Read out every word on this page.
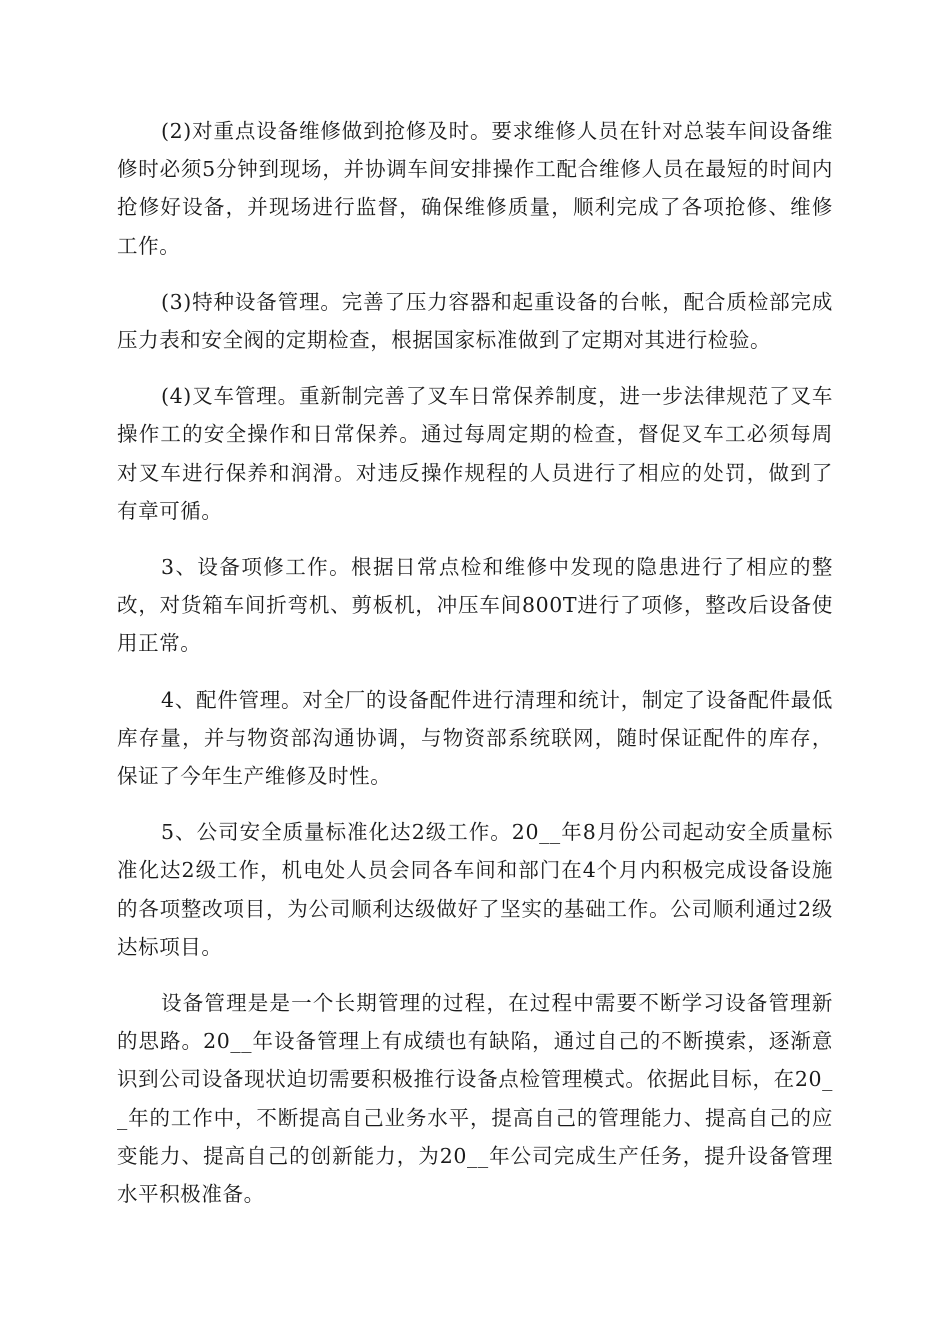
(2)对重点设备维修做到抢修及时。要求维修人员在针对总装车间设备维修时必须5分钟到现场，并协调车间安排操作工配合维修人员在最短的时间内抢修好设备，并现场进行监督，确保维修质量，顺利完成了各项抢修、维修工作。

(3)特种设备管理。完善了压力容器和起重设备的台帐，配合质检部完成压力表和安全阀的定期检查，根据国家标准做到了定期对其进行检验。

(4)叉车管理。重新制完善了叉车日常保养制度，进一步法律规范了叉车操作工的安全操作和日常保养。通过每周定期的检查，督促叉车工必须每周对叉车进行保养和润滑。对违反操作规程的人员进行了相应的处罚，做到了有章可循。

3、设备项修工作。根据日常点检和维修中发现的隐患进行了相应的整改，对货箱车间折弯机、剪板机，冲压车间800T进行了项修，整改后设备使用正常。

4、配件管理。对全厂的设备配件进行清理和统计，制定了设备配件最低库存量，并与物资部沟通协调，与物资部系统联网，随时保证配件的库存，保证了今年生产维修及时性。

5、公司安全质量标准化达2级工作。20__年8月份公司起动安全质量标准化达2级工作，机电处人员会同各车间和部门在4个月内积极完成设备设施的各项整改项目，为公司顺利达级做好了坚实的基础工作。公司顺利通过2级达标项目。

设备管理是是一个长期管理的过程，在过程中需要不断学习设备管理新的思路。20__年设备管理上有成绩也有缺陷，通过自己的不断摸索，逐渐意识到公司设备现状迫切需要积极推行设备点检管理模式。依据此目标，在20__年的工作中，不断提高自己业务水平，提高自己的管理能力、提高自己的应变能力、提高自己的创新能力，为20__年公司完成生产任务，提升设备管理水平积极准备。
